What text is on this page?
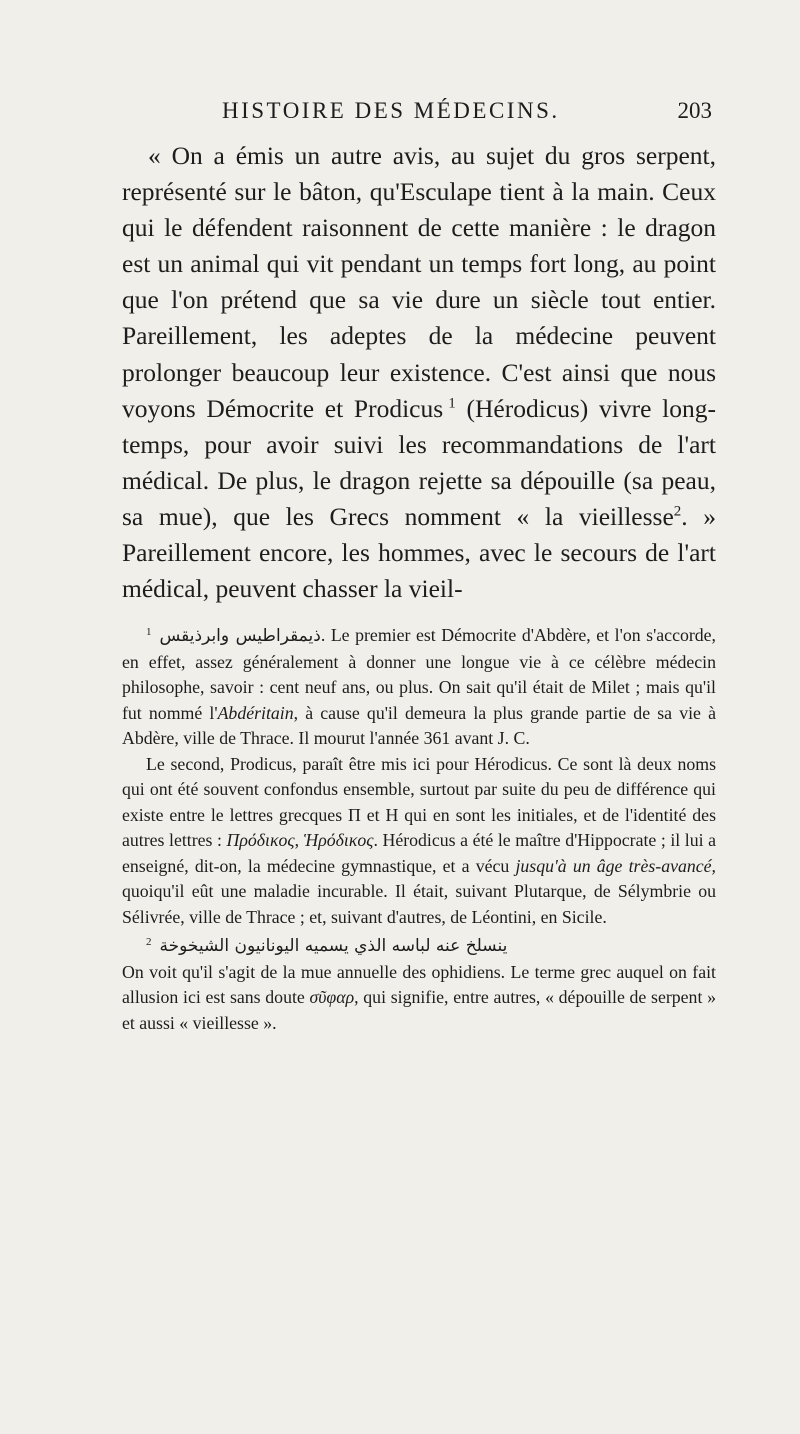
HISTOIRE DES MÉDECINS.	203

« On a émis un autre avis, au sujet du gros serpent, représenté sur le bâton, qu'Esculape tient à la main. Ceux qui le défendent raisonnent de cette manière : le dragon est un animal qui vit pendant un temps fort long, au point que l'on prétend que sa vie dure un siècle tout entier. Pareillement, les adeptes de la médecine peuvent prolonger beaucoup leur existence. C'est ainsi que nous voyons Démocrite et Prodicus  $^1$ (Hérodicus) vivre long-temps, pour avoir suivi les recommandations de l'art médical. De plus, le dragon rejette sa dépouille (sa peau, sa mue), que les Grecs nomment « la vieillesse$^2$. » Pareillement encore, les hommes, avec le secours de l'art médical, peuvent chasser la vieil-

$^1$ ذيمقراطيس وابرذيقس. Le premier est Démocrite d'Abdère, et l'on s'accorde, en effet, assez généralement à donner une longue vie à ce célèbre médecin philosophe, savoir : cent neuf ans, ou plus. On sait qu'il était de Milet ; mais qu'il fut nommé l'Abdéritain, à cause qu'il demeura la plus grande partie de sa vie à Abdère, ville de Thrace. Il mourut l'année 361 avant J. C.

Le second, Prodicus, paraît être mis ici pour Hérodicus. Ce sont là deux noms qui ont été souvent confondus ensemble, surtout par suite du peu de différence qui existe entre le lettres grecques Π et Η qui en sont les initiales, et de l'identité des autres lettres : Πρόδικος, Ἡρόδικος. Hérodicus a été le maître d'Hippocrate ; il lui a enseigné, dit-on, la médecine gymnastique, et a vécu jusqu'à un âge très-avancé, quoiqu'il eût une maladie incurable. Il était, suivant Plutarque, de Sélymbrie ou Sélivrée, ville de Thrace ; et, suivant d'autres, de Léontini, en Sicile.

$^2$ ينسلخ عنه لباسه الذي يسميه اليونانيون الشيخوخة

On voit qu'il s'agit de la mue annuelle des ophidiens. Le terme grec auquel on fait allusion ici est sans doute σῦφαρ, qui signifie, entre autres, « dépouille de serpent » et aussi « vieillesse ».
